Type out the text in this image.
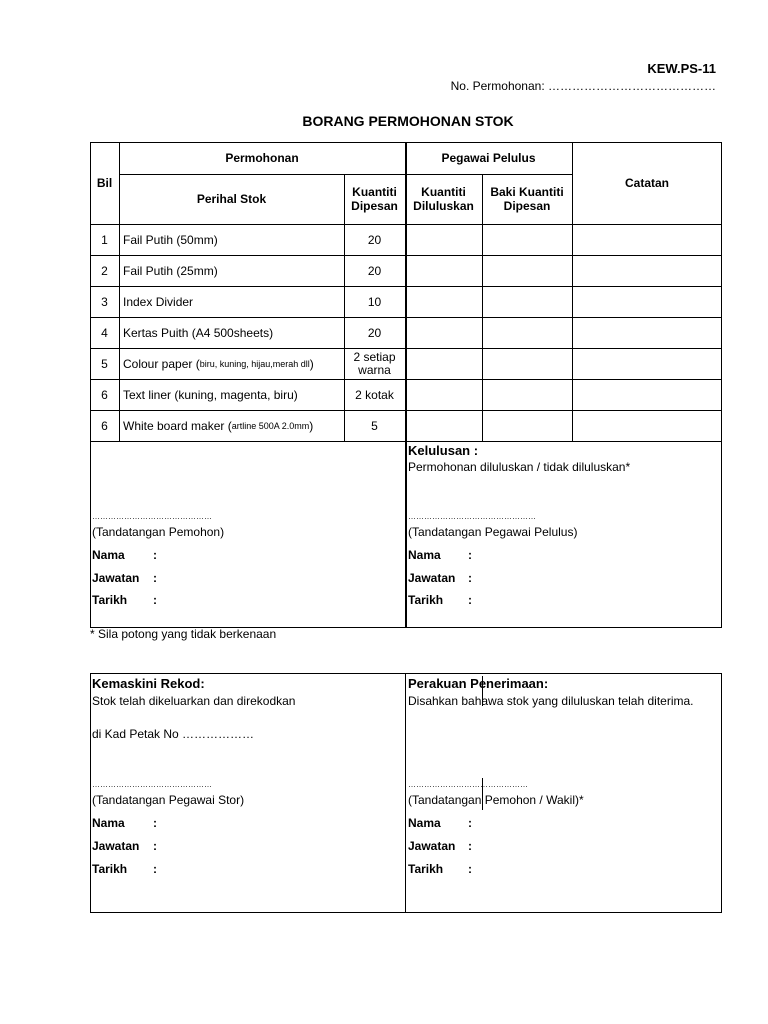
KEW.PS-11
No. Permohonan: ……………………………………
BORANG PERMOHONAN STOK
Bil
Permohonan	Pegawai Pelulus
Catatan
Perihal Stok	Kuantiti
Dipesan
Kuantiti
Diluluskan
Baki Kuantiti
Dipesan
1	Fail Putih (50mm)	20
2	Fail Putih (25mm)	20
3	Index Divider	10
4	Kertas Puith (A4 500sheets)	20
5	Colour paper ( biru, kuning, hijau,merah dll )	2 setiap
warna
6	Text liner (kuning, magenta, biru)	2 kotak
6	White board maker ( artline 500A 2.0mm )	5
………………………………………
(Tandatangan Pemohon)
Nama :
Jawatan :
Tarikh :
Kelulusan :
Permohonan diluluskan / tidak diluluskan*
…………………………………………
(Tandatangan Pegawai Pelulus)
Nama :
Jawatan :
Tarikh :
* Sila potong yang tidak berkenaan
Kemaskini Rekod:
Stok telah dikeluarkan dan direkodkan
di Kad Petak No ………………
………………………………………
(Tandatangan Pegawai Stor)
Nama :
Jawatan :
Tarikh :
Perakuan Penerimaan:
Disahkan bahawa stok yang diluluskan telah diterima.
………………………………………
(Tandatangan Pemohon / Wakil)*
Nama :
Jawatan :
Tarikh :
